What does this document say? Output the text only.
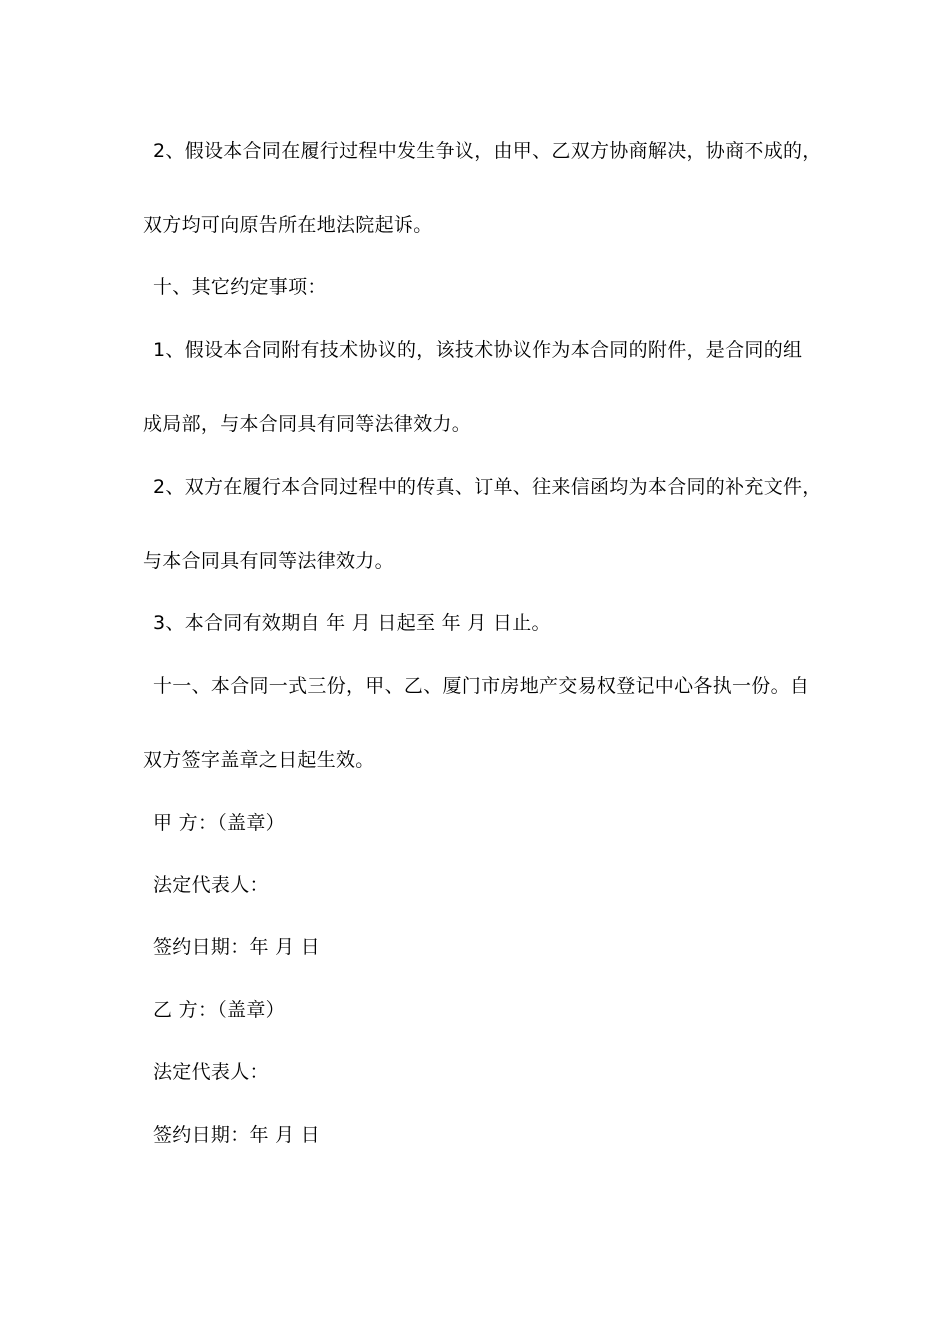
2、假设本合同在履行过程中发生争议，由甲、乙双方协商解决，协商不成的，
双方均可向原告所在地法院起诉。
十、其它约定事项：
1、假设本合同附有技术协议的，该技术协议作为本合同的附件，是合同的组
成局部，与本合同具有同等法律效力。
2、双方在履行本合同过程中的传真、订单、往来信函均为本合同的补充文件，
与本合同具有同等法律效力。
3、本合同有效期自 年 月 日起至 年 月 日止。
十一、本合同一式三份，甲、乙、厦门市房地产交易权登记中心各执一份。自
双方签字盖章之日起生效。
甲 方：（盖章）
法定代表人：
签约日期：年 月 日
乙 方：（盖章）
法定代表人：
签约日期：年 月 日
